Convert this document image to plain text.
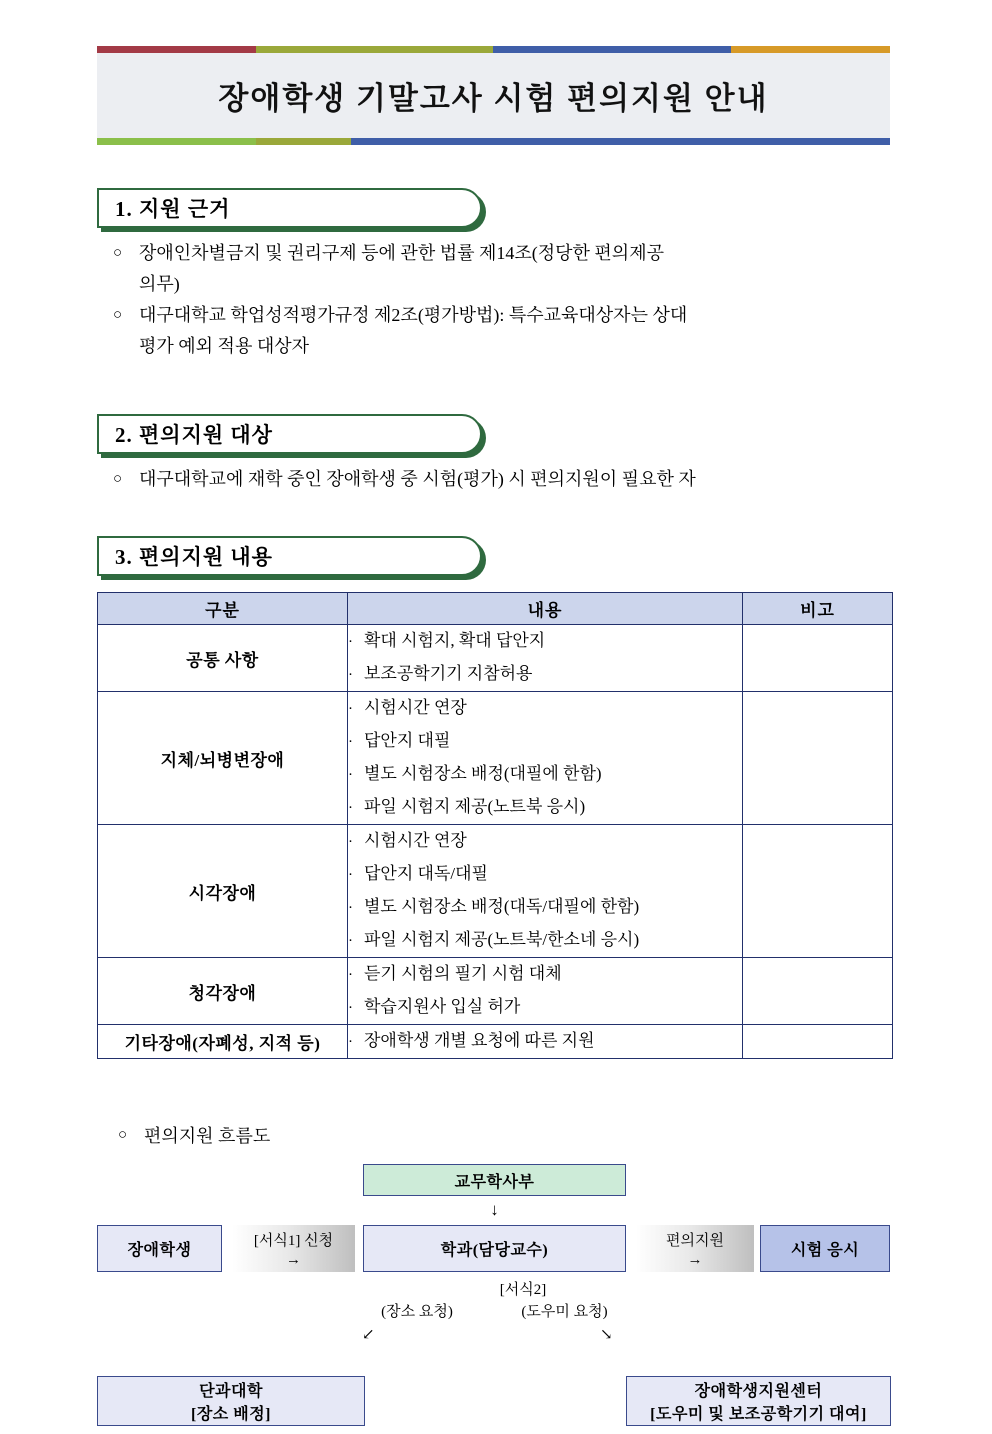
장애학생 기말고사 시험 편의지원 안내
1. 지원 근거
○ 장애인차별금지 및 권리구제 등에 관한 법률 제14조(정당한 편의제공
의무)
○ 대구대학교 학업성적평가규정 제2조(평가방법): 특수교육대상자는 상대
평가 예외 적용 대상자
2. 편의지원 대상
○ 대구대학교에 재학 중인 장애학생 중 시험(평가) 시 편의지원이 필요한 자
3. 편의지원 내용
구분	내용	비고
공통 사항	· 확대 시험지, 확대 답안지
· 보조공학기기 지참허용	

지체/뇌병변장애	
· 시험시간 연장
· 답안지 대필
· 별도 시험장소 배정(대필에 한함)
· 파일 시험지 제공(노트북 응시)

시각장애	
· 시험시간 연장
· 답안지 대독/대필
· 별도 시험장소 배정(대독/대필에 한함)
· 파일 시험지 제공(노트북/한소네 응시)

청각장애	· 듣기 시험의 필기 시험 대체
· 학습지원사 입실 허가	

기타장애(자폐성, 지적 등)	· 장애학생 개별 요청에 따른 지원	

○ 편의지원 흐름도
교무학사부
↓
장애학생
[서식1] 신청
→
학과(담당교수)
편의지원
→
시험 응시
[서식2]
(장소 요청)	(도우미 요청)
↙	↘
단과대학
[장소 배정]
장애학생지원센터
[도우미 및 보조공학기기 대여]
